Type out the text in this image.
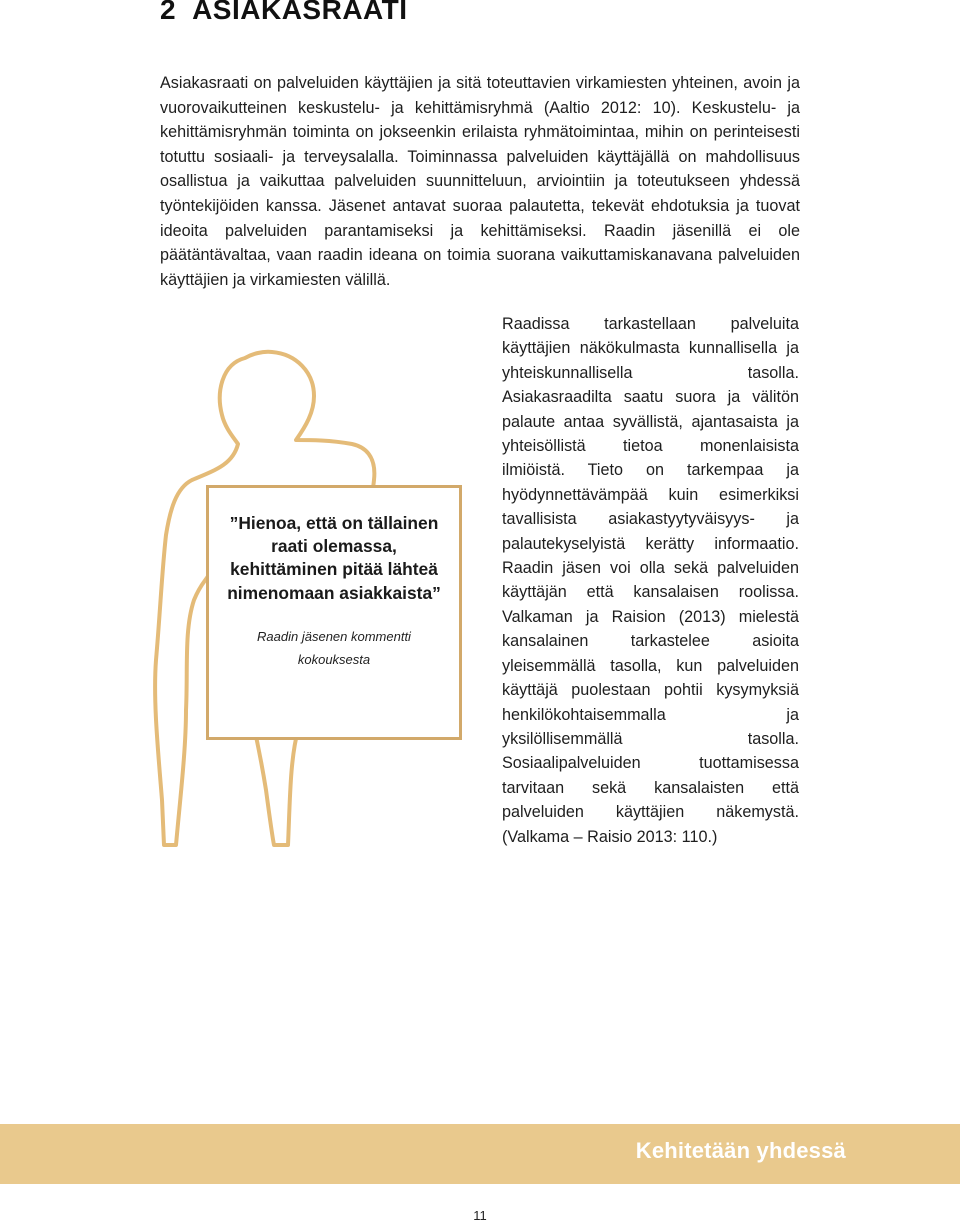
2 ASIAKASRAATI

Asiakasraati on palveluiden käyttäjien ja sitä toteuttavien virkamiesten yhteinen, avoin ja vuorovaikutteinen keskustelu- ja kehittämisryhmä (Aaltio 2012: 10). Keskustelu- ja kehittämisryhmän toiminta on jokseenkin erilaista ryhmätoimintaa, mihin on perinteisesti totuttu sosiaali- ja terveysalalla. Toiminnassa palveluiden käyttäjällä on mahdollisuus osallistua ja vaikuttaa palveluiden suunnitteluun, arviointiin ja toteutukseen yhdessä työntekijöiden kanssa. Jäsenet antavat suoraa palautetta, tekevät ehdotuksia ja tuovat ideoita palveluiden parantamiseksi ja kehittämiseksi. Raadin jäsenillä ei ole päätäntävaltaa, vaan raadin ideana on toimia suorana vaikuttamiskanavana palveluiden käyttäjien ja virkamiesten välillä.

”Hienoa, että on tällainen raati olemassa, kehittäminen pitää lähteä nimenomaan asiakkaista”

Raadin jäsenen kommentti kokouksesta

Raadissa tarkastellaan palveluita käyttäjien näkökulmasta kunnallisella ja yhteiskunnallisella tasolla. Asiakasraadilta saatu suora ja välitön palaute antaa syvällistä, ajantasaista ja yhteisöllistä tietoa monenlaisista ilmiöistä. Tieto on tarkempaa ja hyödynnettävämpää kuin esimerkiksi tavallisista asiakastyytyväisyys- ja palautekyselyistä kerätty informaatio. Raadin jäsen voi olla sekä palveluiden käyttäjän että kansalaisen roolissa. Valkaman ja Raision (2013) mielestä kansalainen tarkastelee asioita yleisemmällä tasolla, kun palveluiden käyttäjä puolestaan pohtii kysymyksiä henkilökohtaisemmalla ja yksilöllisemmällä tasolla. Sosiaalipalveluiden tuottamisessa tarvitaan sekä kansalaisten että palveluiden käyttäjien näkemystä. (Valkama – Raisio 2013: 110.)

Kehitetään yhdessä
11
